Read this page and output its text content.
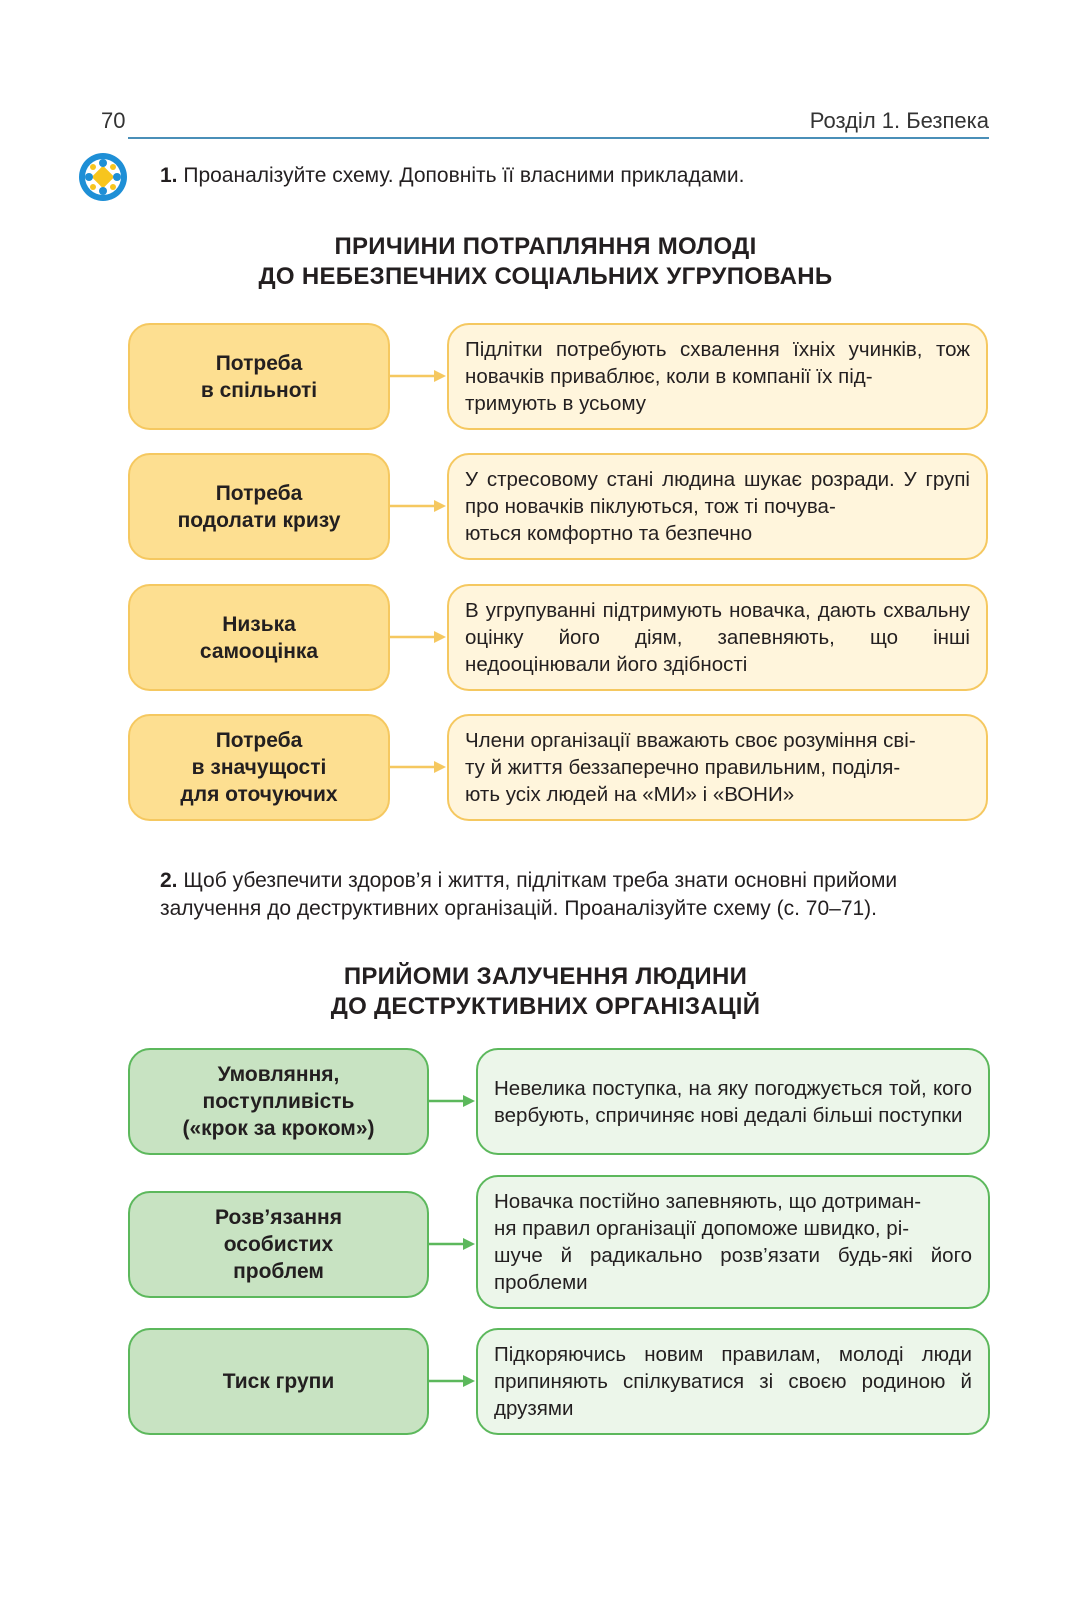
70	Розділ 1. Безпека
1. Проаналізуйте схему. Доповніть її власними прикладами.
ПРИЧИНИ ПОТРАПЛЯННЯ МОЛОДІ
ДО НЕБЕЗПЕЧНИХ СОЦІАЛЬНИХ УГРУПОВАНЬ
Потреба
в спільноті
Підлітки потребують схвалення їхніх учинків, тож новачків приваблює, коли в компанії їх під-
тримують в усьому
Потреба
подолати кризу
У стресовому стані людина шукає розради. У групі про новачків піклуються, тож ті почува-
ються комфортно та безпечно
Низька
самооцінка
В угрупуванні підтримують новачка, дають схвальну оцінку його діям, запевняють, що інші недооцінювали його здібності
Потреба
в значущості
для оточуючих
Члени організації вважають своє розуміння сві-
ту й життя беззаперечно правильним, поділя-
ють усіх людей на «МИ» і «ВОНИ»
2. Щоб убезпечити здоров’я і життя, підліткам треба знати основні прийоми залучення до деструктивних організацій. Проаналізуйте схему (с. 70–71).
ПРИЙОМИ ЗАЛУЧЕННЯ ЛЮДИНИ
ДО ДЕСТРУКТИВНИХ ОРГАНІЗАЦІЙ
Умовляння,
поступливість
(«крок за кроком»)
Невелика поступка, на яку погоджується той, кого вербують, спричиняє нові дедалі більші поступки
Розв’язання
особистих
проблем
Новачка постійно запевняють, що дотриман-
ня правил організації допоможе швидко, рі-
шуче й радикально розв’язати будь-які його проблеми
Тиск групи
Підкоряючись новим правилам, молоді люди припиняють спілкуватися зі своєю родиною й друзями
